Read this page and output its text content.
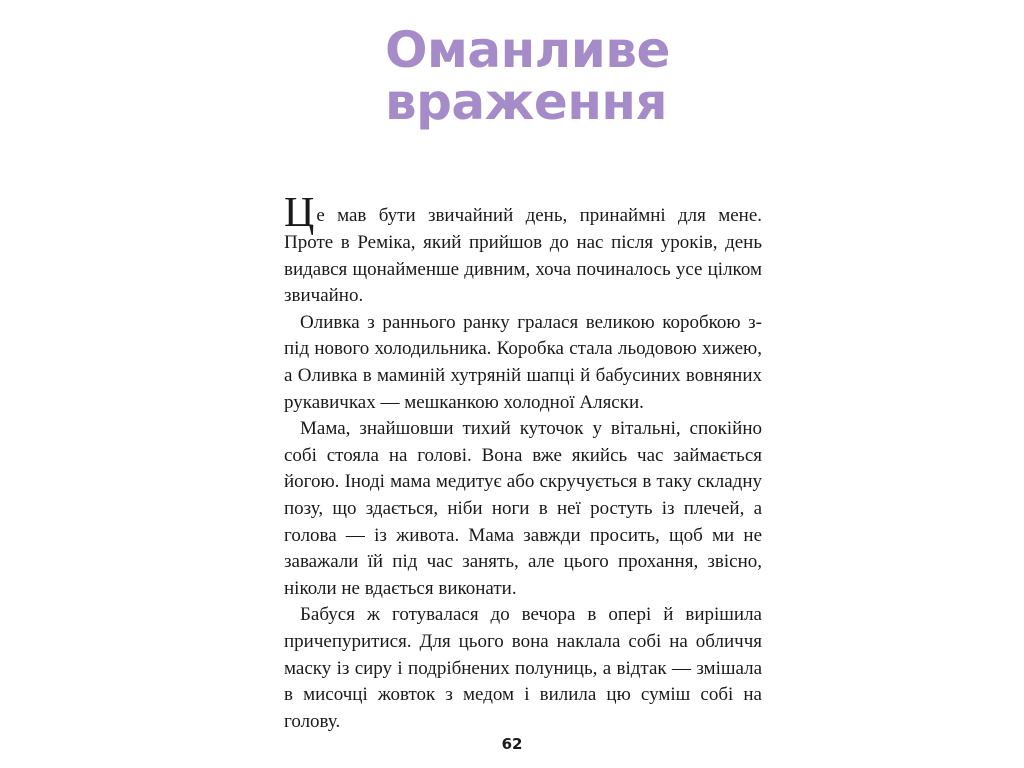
Оманливе
враження

Це мав бути звичайний день, принаймні для мене. Проте в Реміка, який прийшов до нас після уроків, день видався щонайменше дивним, хоча починалось усе цілком звичайно.

Оливка з раннього ранку гралася великою коробкою з-під нового холодильника. Коробка стала льодовою хижею, а Оливка в маминій хутряній шапці й бабусиних вовняних рукавичках — мешканкою холодної Аляски.

Мама, знайшовши тихий куточок у вітальні, спокійно собі стояла на голові. Вона вже якийсь час займається йогою. Іноді мама медитує або скручується в таку складну позу, що здається, ніби ноги в неї ростуть із плечей, а голова — із живота. Мама завжди просить, щоб ми не заважали їй під час занять, але цього прохання, звісно, ніколи не вдається виконати.

Бабуся ж готувалася до вечора в опері й вирішила причепуритися. Для цього вона наклала собі на обличчя маску із сиру і подрібнених полуниць, а відтак — змішала в мисочці жовток з медом і вилила цю суміш собі на голову.

62
